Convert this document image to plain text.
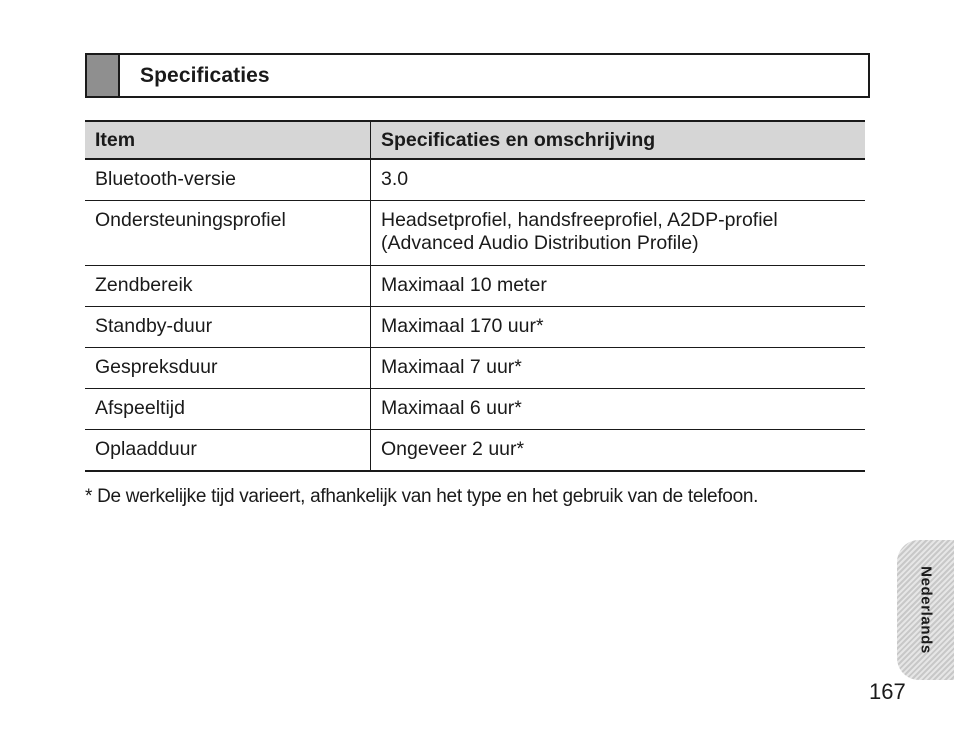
Specificaties
Item	Specificaties en omschrijving
Bluetooth-versie	3.0
Ondersteuningsprofiel	Headsetprofiel, handsfreeprofiel, A2DP-profiel
(Advanced Audio Distribution Profile)

Zendbereik	Maximaal 10 meter
Standby-duur	Maximaal 170 uur*
Gespreksduur	Maximaal 7 uur*
Afspeeltijd	Maximaal 6 uur*
Oplaadduur	Ongeveer 2 uur*
* De werkelijke tijd varieert, afhankelijk van het type en het gebruik van de telefoon.
Nederlands
167
